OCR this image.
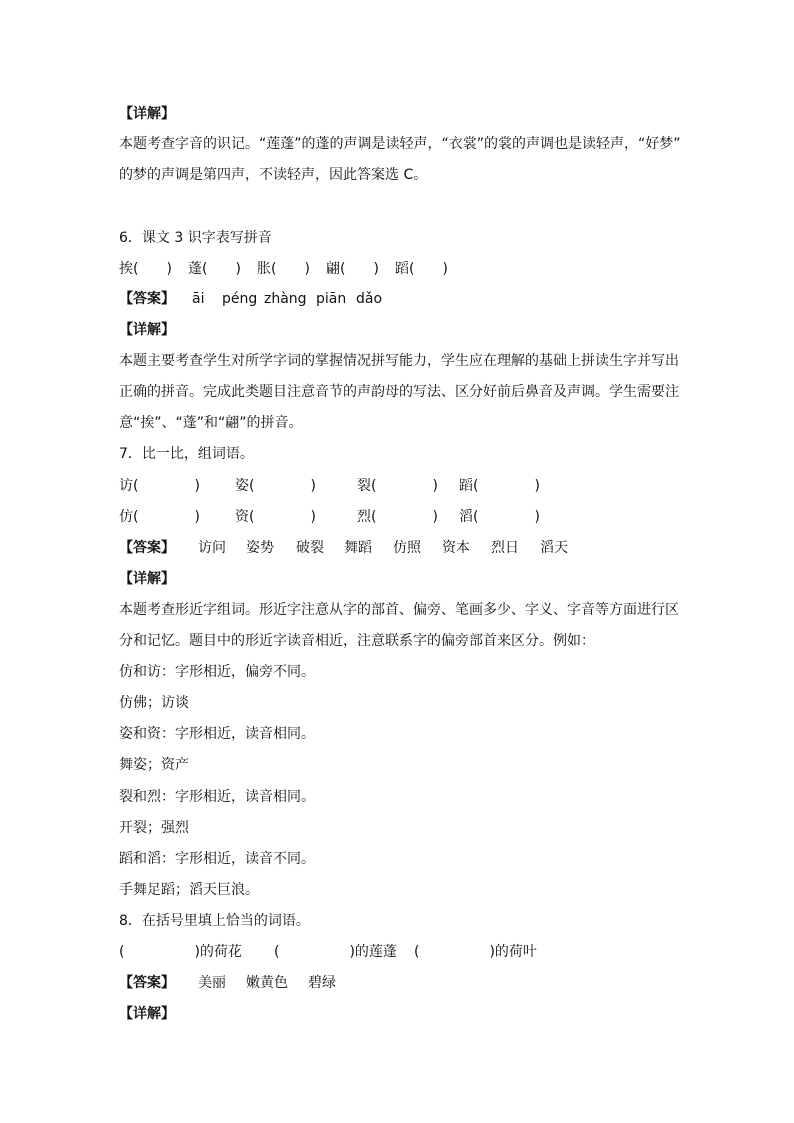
【详解】
本题考查字音的识记。“莲蓬”的蓬的声调是读轻声，“衣裳”的裳的声调也是读轻声，“好梦”
的梦的声调是第四声，不读轻声，因此答案选 C。
6．课文 3 识字表写拼音
挨(　　) 蓬(　　) 胀(　　) 翩(　　) 蹈(　　)
【答案】 āi péng zhàng piān dǎo
【详解】
本题主要考查学生对所学字词的掌握情况拼写能力，学生应在理解的基础上拼读生字并写出
正确的拼音。完成此类题目注意音节的声韵母的写法、区分好前后鼻音及声调。学生需要注
意“挨”、“蓬”和“翩”的拼音。
7．比一比，组词语。
访(　　　　)	姿(　　　　)	裂(　　　　) 蹈(　　　　)
仿(　　　　)	资(　　　　)	烈(　　　　) 滔(　　　　)
【答案】 访问 姿势 破裂 舞蹈 仿照 资本 烈日 滔天
【详解】
本题考查形近字组词。形近字注意从字的部首、偏旁、笔画多少、字义、字音等方面进行区
分和记忆。题目中的形近字读音相近，注意联系字的偏旁部首来区分。例如：
仿和访：字形相近，偏旁不同。
仿佛；访谈
姿和资：字形相近，读音相同。
舞姿；资产
裂和烈：字形相近，读音相同。
开裂；强烈
蹈和滔：字形相近，读音不同。
手舞足蹈；滔天巨浪。
8．在括号里填上恰当的词语。
(　　　　　)的荷花 (　　　　　)的莲蓬 (　　　　　)的荷叶
【答案】 美丽 嫩黄色 碧绿
【详解】
